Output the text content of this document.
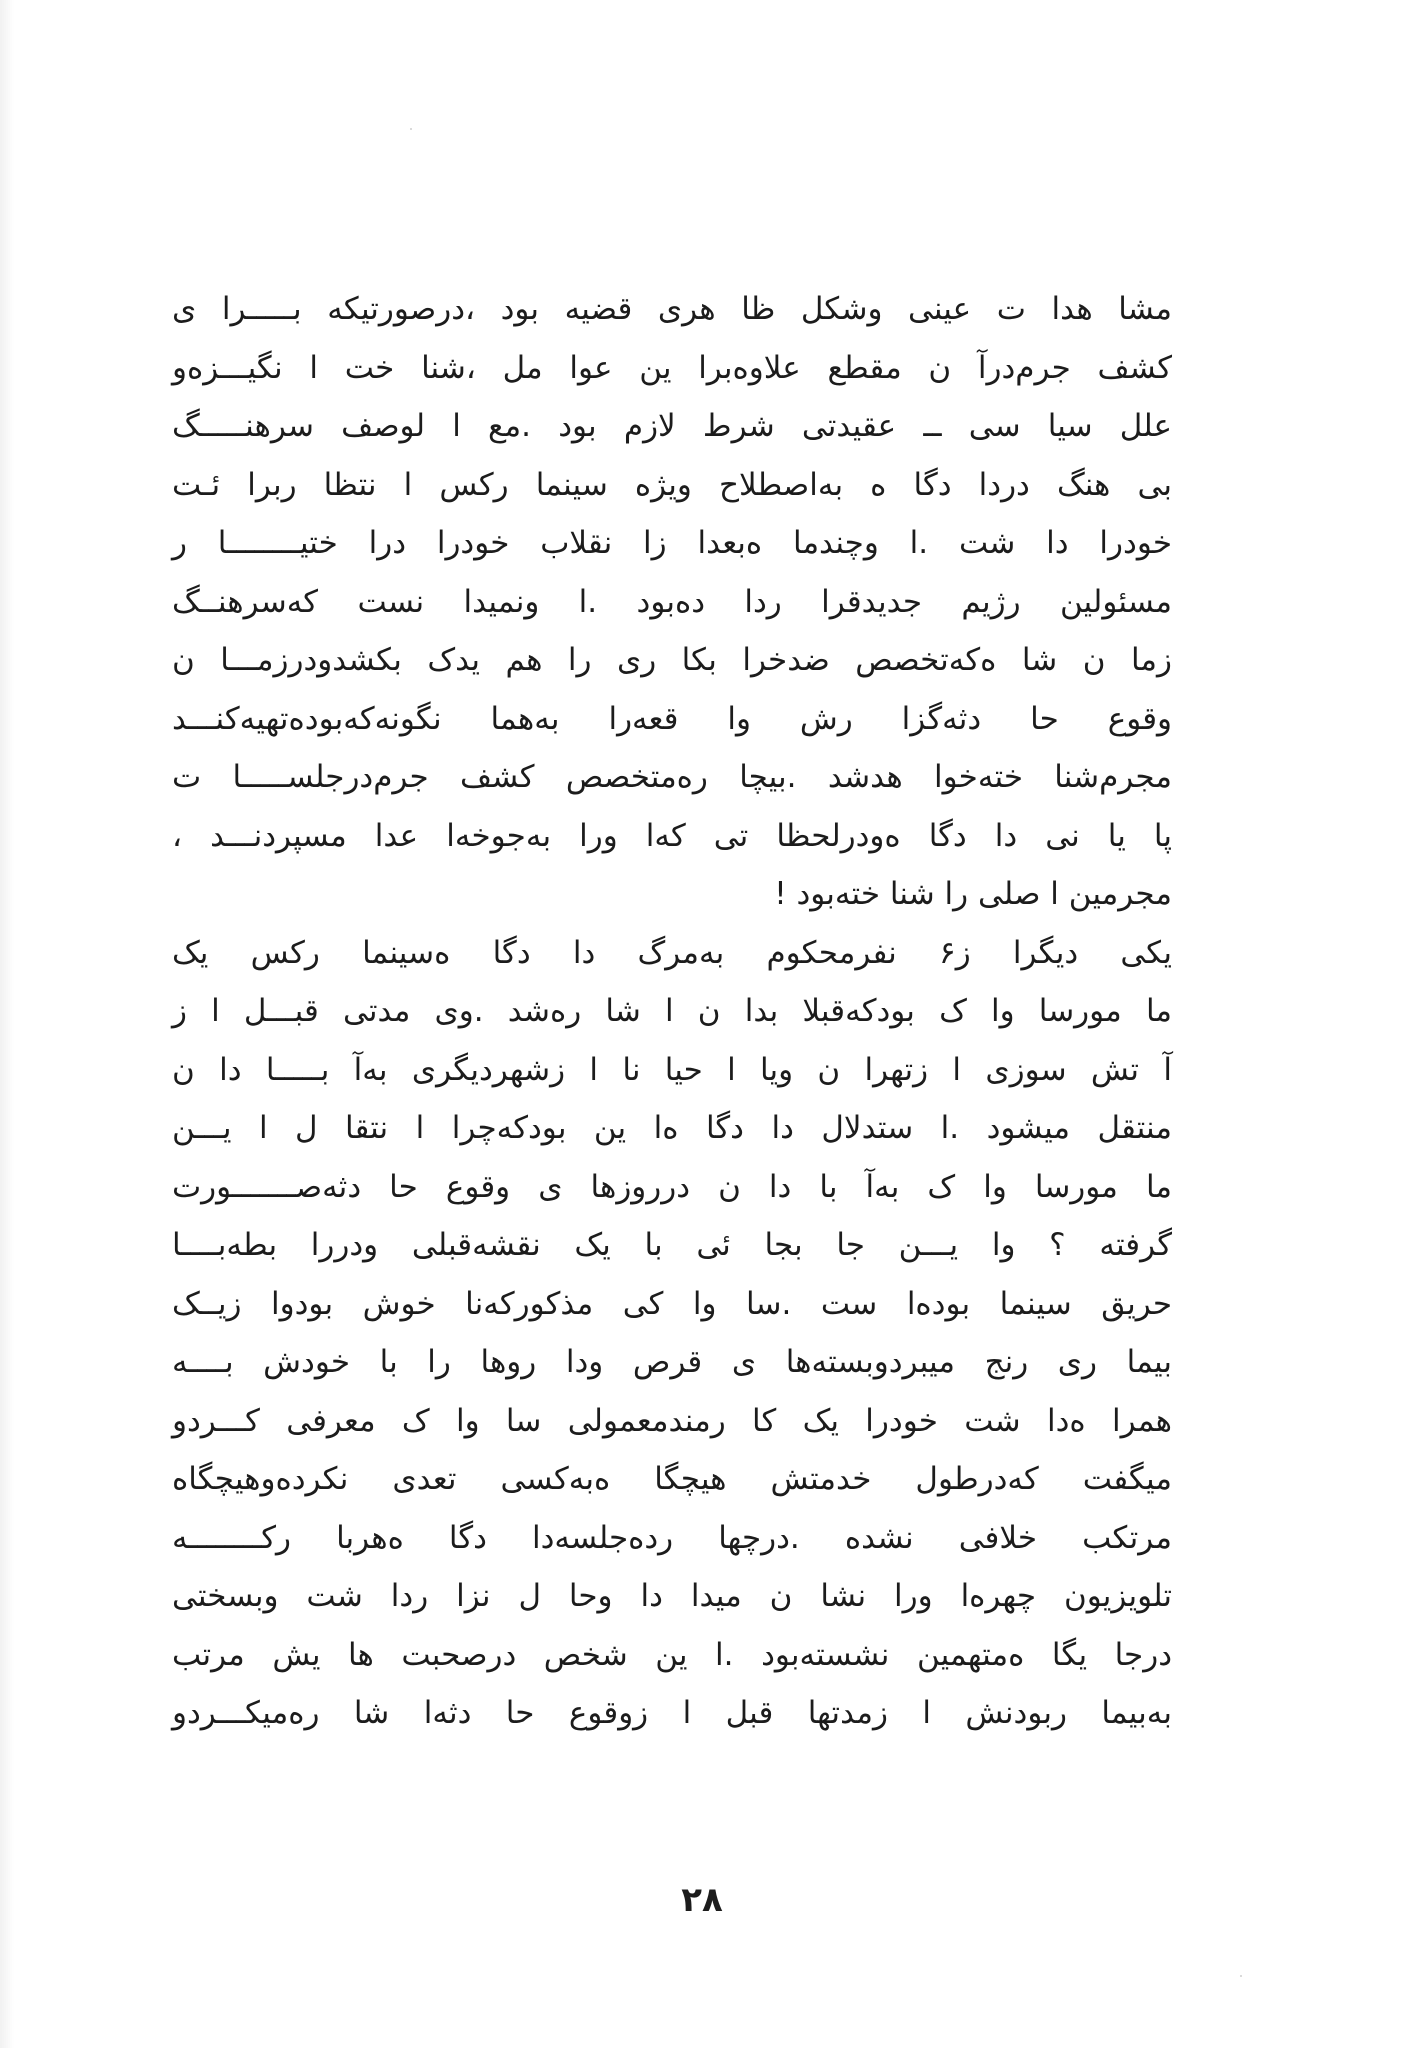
مشا هدا ت عینی وشکل ظا هری قضیه بود ،درصورتیکه بـــــرا ی
کشف جرم‌درآ ن مقطع علاوه‌برا ین عوا مل ،شنا خت ا نگیـــزه‌و
علل سیا سی ــ عقیدتی شرط لازم بود .مع ا لوصف سرهنـــــگ
بی هنگ دردا دگا ه به‌اصطلاح ویژه سینما رکس ا نتظا ربرا ئـت
خودرا دا شت .ا وچندما ه‌بعدا زا نقلاب خودرا درا ختیــــــــا ر
مسئولین رژیم جدیدقرا ردا ده‌بود .ا ونمیدا نست که‌سرهنــگ
زما ن شا ه‌که‌تخصص ضدخرا بکا ری را هم یدک بکشدودرزمـــا ن
وقوع حا دثه‌گزا رش وا قعه‌را به‌هما نگونه‌که‌بوده‌تهیه‌کنـــد
مجرم‌شنا خته‌خوا هدشد .بیچا ره‌متخصص کشف جرم‌درجلســـــا ت
پا یا نی دا دگا ه‌ودرلحظا تی که‌ا ورا به‌جوخه‌ا عدا مسپردنـــد ،
مجرمین ا صلی را شنا خته‌بود !
یکی دیگرا ز۶ نفرمحکوم به‌مرگ دا دگا ه‌سینما رکس یک
ما مورسا وا ک بودکه‌قبلا بدا ن ا شا ره‌شد .وی مدتی قبـــل ا ز
آ تش سوزی ا زتهرا ن ویا ا حیا نا ا زشهردیگری به‌آ بـــــا دا ن
منتقل میشود .ا ستدلال دا دگا ه‌ا ین بودکه‌چرا ا نتقا ل ا یـــن
ما مورسا وا ک به‌آ با دا ن درروزها ی وقوع حا دثه‌صـــــــورت
گرفته ؟ وا یـــن جا بجا ئی با یک نقشه‌قبلی ودررا بطه‌بــــا
حریق سینما بوده‌ا ست .سا وا کی مذکورکه‌نا خوش بودوا زیــک
بیما ری رنج میبردوبسته‌ها ی قرص ودا روها را با خودش بــــه
همرا ه‌دا شت خودرا یک کا رمندمعمولی سا وا ک معرفی کـــردو
میگفت که‌درطول خدمتش هیچگا ه‌به‌کسی تعدی نکرده‌وهیچگاه
مرتکب خلافی نشده .درچها رده‌جلسه‌دا دگا ه‌هربا رکــــــــه
تلویزیون چهره‌ا ورا نشا ن میدا دا وحا ل نزا ردا شت وبسختی
درجا یگا ه‌متهمین نشسته‌بود .ا ین شخص درصحبت ها یش مرتب
به‌بیما ربودنش ا زمدتها قبل ا زوقوع حا دثه‌ا شا ره‌میکـــردو
۲۸
